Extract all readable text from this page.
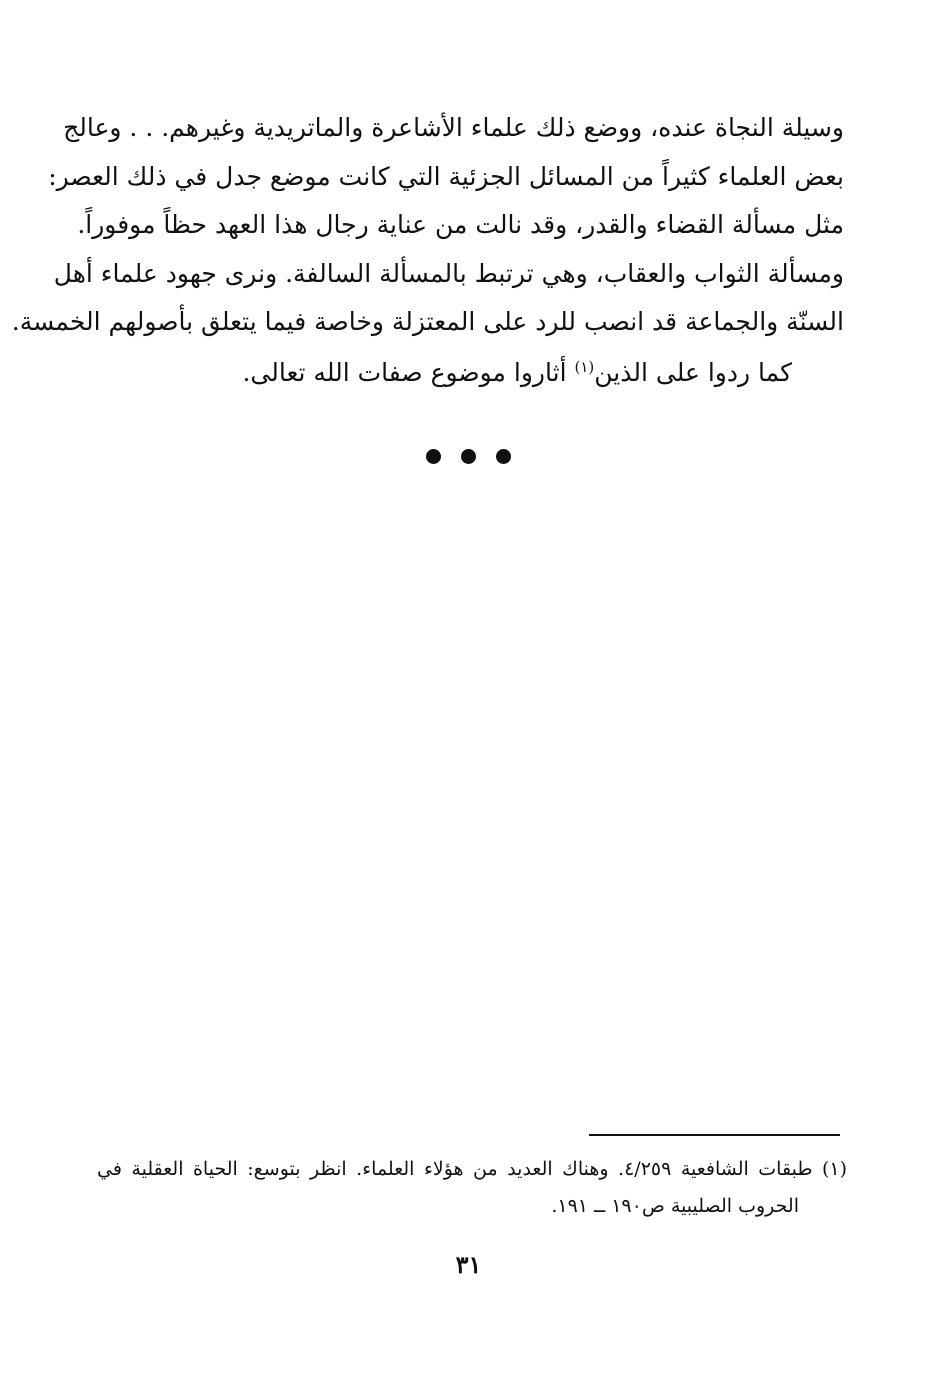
وسيلة النجاة عنده، ووضع ذلك علماء الأشاعرة والماتريدية وغيرهم. . . وعالج
بعض العلماء كثيراً من المسائل الجزئية التي كانت موضع جدل في ذلك العصر:
مثل مسألة القضاء والقدر، وقد نالت من عناية رجال هذا العهد حظاً موفوراً.
ومسألة الثواب والعقاب، وهي ترتبط بالمسألة السالفة. ونرى جهود علماء أهل
السنّة والجماعة قد انصب للرد على المعتزلة وخاصة فيما يتعلق بأصولهم الخمسة.
كما ردوا على الذين$^{(١)}$ أثاروا موضوع صفات الله تعالى.
(١) طبقات الشافعية ٤/٢٥٩. وهناك العديد من هؤلاء العلماء. انظر بتوسع: الحياة العقلية في
الحروب الصليبية ص١٩٠ ــ ١٩١.
٣١
